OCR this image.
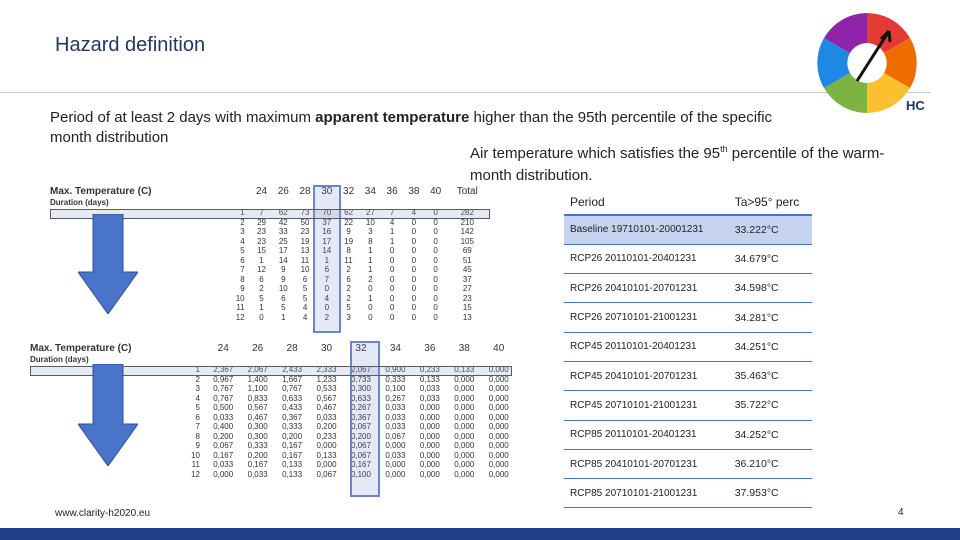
Hazard definition
HC
Period of at least 2 days with maximum apparent temperature higher than the 95th percentile of the specific month distribution
Air temperature which satisfies the 95th percentile of the warm-month distribution.
Max. Temperature (C)	24	26	28	30	32	34	36	38	40	Total
Duration (days)										
1	7	62	73	70	62	27	7	4	0	282
2	29	42	50	37	22	10	4	0	0	210
3	23	33	23	16	9	3	1	0	0	142
4	23	25	19	17	19	8	1	0	0	105
5	15	17	13	14	8	1	0	0	0	69
6	1	14	11	1	11	1	0	0	0	51
7	12	9	10	6	2	1	0	0	0	45
8	6	9	6	7	6	2	0	0	0	37
9	2	10	5	0	2	0	0	0	0	27
10	5	6	5	4	2	1	0	0	0	23
11	1	5	4	0	5	0	0	0	0	15
12	0	1	4	2	3	0	0	0	0	13
Max. Temperature (C)	24	26	28	30	32	34	36	38	40
Duration (days)									
1	2,367	2,067	2,433	2,333	2,067	0,900	0,233	0,133	0,000
2	0,967	1,400	1,667	1,233	0,733	0,333	0,133	0,000	0,000
3	0,767	1,100	0,767	0,533	0,300	0,100	0,033	0,000	0,000
4	0,767	0,833	0,633	0,567	0,633	0,267	0,033	0,000	0,000
5	0,500	0,567	0,433	0,467	0,267	0,033	0,000	0,000	0,000
6	0,033	0,467	0,367	0,033	0,367	0,033	0,000	0,000	0,000
7	0,400	0,300	0,333	0,200	0,067	0,033	0,000	0,000	0,000
8	0,200	0,300	0,200	0,233	0,200	0,067	0,000	0,000	0,000
9	0,067	0,333	0,167	0,000	0,067	0,000	0,000	0,000	0,000
10	0,167	0,200	0,167	0,133	0,067	0,033	0,000	0,000	0,000
11	0,033	0,167	0,133	0,000	0,167	0,000	0,000	0,000	0,000
12	0,000	0,033	0,133	0,067	0,100	0,000	0,000	0,000	0,000
Period	Ta>95° perc
Baseline 19710101-20001231	33.222°C
RCP26 20110101-20401231	34.679°C
RCP26 20410101-20701231	34.598°C
RCP26 20710101-21001231	34.281°C
RCP45 20110101-20401231	34.251°C
RCP45 20410101-20701231	35.463°C
RCP45 20710101-21001231	35.722°C
RCP85 20110101-20401231	34.252°C
RCP85 20410101-20701231	36.210°C
RCP85 20710101-21001231	37.953°C
www.clarity-h2020.eu	4
